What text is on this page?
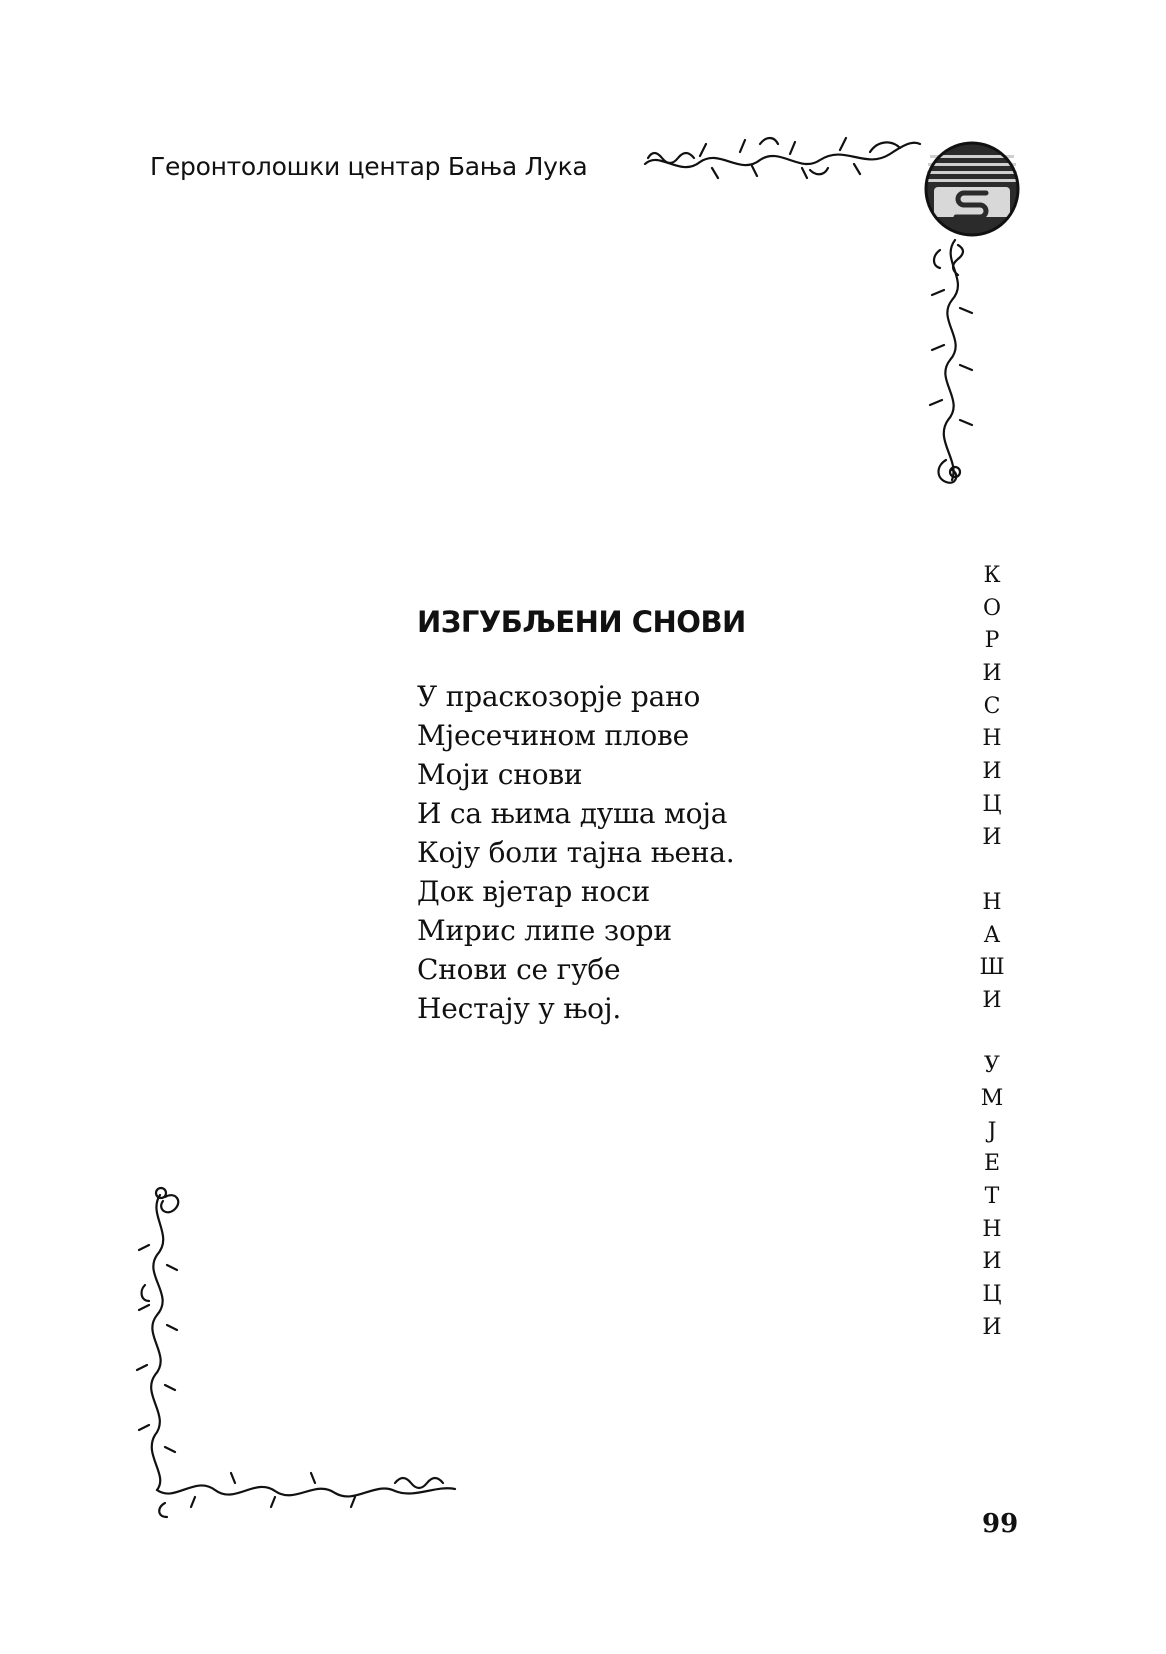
Геронтолошки центар Бања Лука
ИЗГУБЉЕНИ СНОВИ
У праскозорје рано
Мјесечином плове
Моји снови
И са њима душа моја
Коју боли тајна њена.
Док вјетар носи
Мирис липе зори
Снови се губе
Нестају у њој.
К
О
Р
И
С
Н
И
Ц
И
Н
А
Ш
И
У
М
Ј
Е
Т
Н
И
Ц
И
99
